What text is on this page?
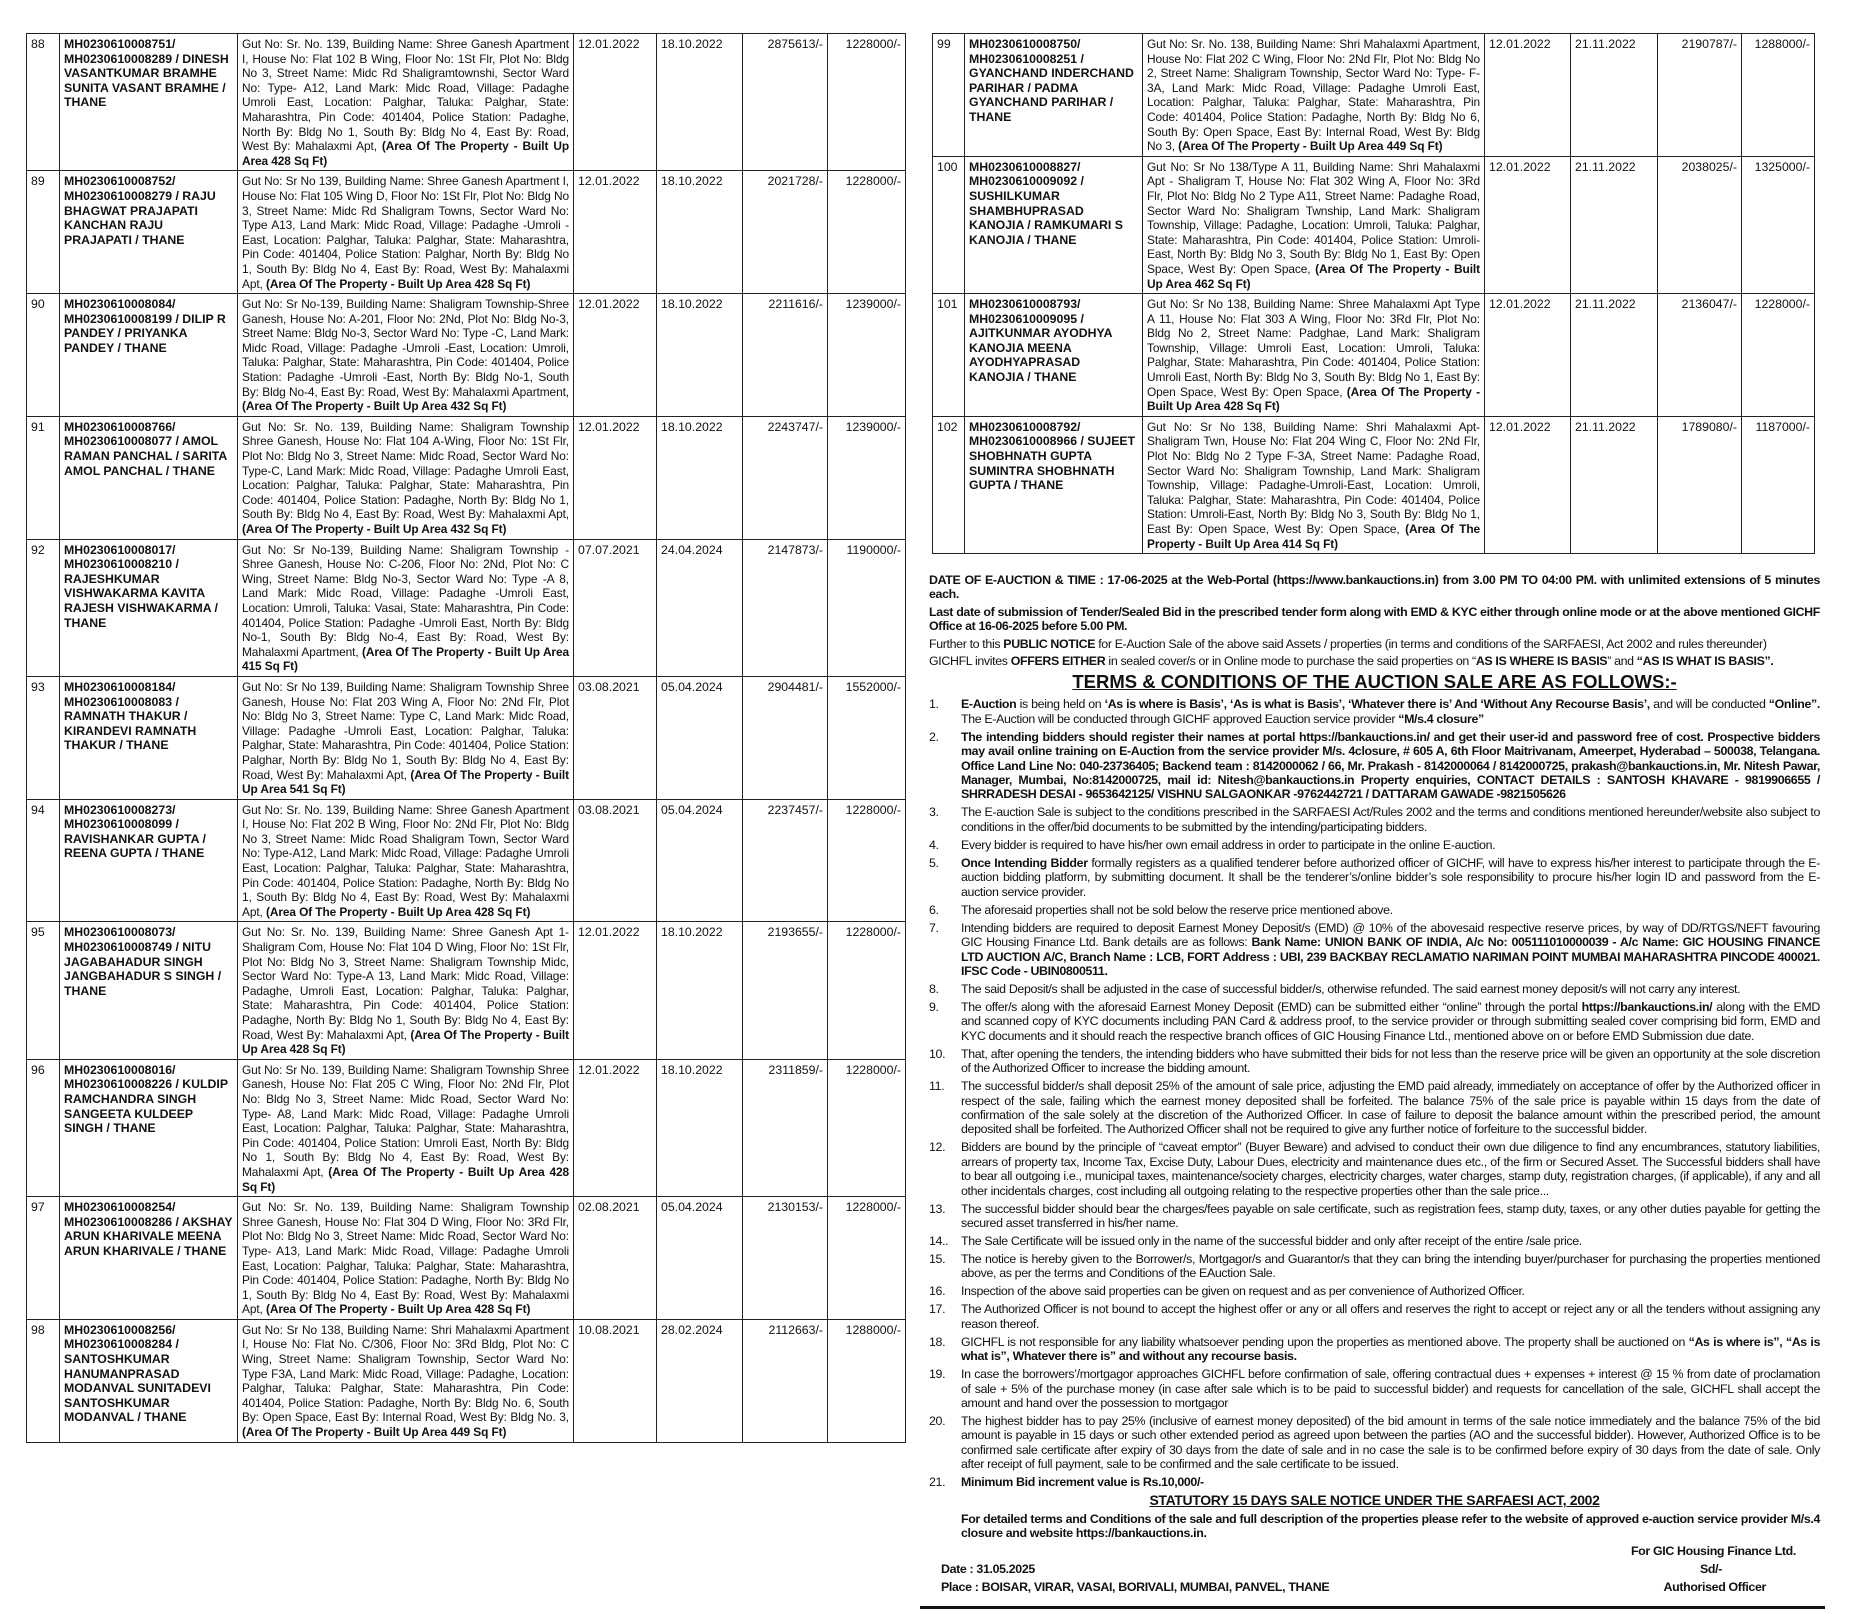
88	MH0230610008751/ MH0230610008289 / DINESH VASANTKUMAR BRAMHE SUNITA VASANT BRAMHE / THANE	Gut No: Sr. No. 139, Building Name: Shree Ganesh Apartment I, House No: Flat 102 B Wing, Floor No: 1St Flr, Plot No: Bldg No 3, Street Name: Midc Rd Shaligramtownshi, Sector Ward No: Type- A12, Land Mark: Midc Road, Village: Padaghe Umroli East, Location: Palghar, Taluka: Palghar, State: Maharashtra, Pin Code: 401404, Police Station: Padaghe, North By: Bldg No 1, South By: Bldg No 4, East By: Road, West By: Mahalaxmi Apt, (Area Of The Property - Built Up Area 428 Sq Ft)	12.01.2022	18.10.2022	2875613/-	1228000/-
89	MH0230610008752/ MH0230610008279 / RAJU BHAGWAT PRAJAPATI KANCHAN RAJU PRAJAPATI / THANE	Gut No: Sr No 139, Building Name: Shree Ganesh Apartment I, House No: Flat 105 Wing D, Floor No: 1St Flr, Plot No: Bldg No 3, Street Name: Midc Rd Shaligram Towns, Sector Ward No: Type A13, Land Mark: Midc Road, Village: Padaghe -Umroli -East, Location: Palghar, Taluka: Palghar, State: Maharashtra, Pin Code: 401404, Police Station: Palghar, North By: Bldg No 1, South By: Bldg No 4, East By: Road, West By: Mahalaxmi Apt, (Area Of The Property - Built Up Area 428 Sq Ft)	12.01.2022	18.10.2022	2021728/-	1228000/-
90	MH0230610008084/ MH0230610008199 / DILIP R PANDEY / PRIYANKA PANDEY / THANE	Gut No: Sr No-139, Building Name: Shaligram Township-Shree Ganesh, House No: A-201, Floor No: 2Nd, Plot No: Bldg No-3, Street Name: Bldg No-3, Sector Ward No: Type -C, Land Mark: Midc Road, Village: Padaghe -Umroli -East, Location: Umroli, Taluka: Palghar, State: Maharashtra, Pin Code: 401404, Police Station: Padaghe -Umroli -East, North By: Bldg No-1, South By: Bldg No-4, East By: Road, West By: Mahalaxmi Apartment, (Area Of The Property - Built Up Area 432 Sq Ft)	12.01.2022	18.10.2022	2211616/-	1239000/-
91	MH0230610008766/ MH0230610008077 / AMOL RAMAN PANCHAL / SARITA AMOL PANCHAL / THANE	Gut No: Sr. No. 139, Building Name: Shaligram Township Shree Ganesh, House No: Flat 104 A-Wing, Floor No: 1St Flr, Plot No: Bldg No 3, Street Name: Midc Road, Sector Ward No: Type-C, Land Mark: Midc Road, Village: Padaghe Umroli East, Location: Palghar, Taluka: Palghar, State: Maharashtra, Pin Code: 401404, Police Station: Padaghe, North By: Bldg No 1, South By: Bldg No 4, East By: Road, West By: Mahalaxmi Apt, (Area Of The Property - Built Up Area 432 Sq Ft)	12.01.2022	18.10.2022	2243747/-	1239000/-
92	MH0230610008017/ MH0230610008210 / RAJESHKUMAR VISHWAKARMA KAVITA RAJESH VISHWAKARMA / THANE	Gut No: Sr No-139, Building Name: Shaligram Township -Shree Ganesh, House No: C-206, Floor No: 2Nd, Plot No: C Wing, Street Name: Bldg No-3, Sector Ward No: Type -A 8, Land Mark: Midc Road, Village: Padaghe -Umroli East, Location: Umroli, Taluka: Vasai, State: Maharashtra, Pin Code: 401404, Police Station: Padaghe -Umroli East, North By: Bldg No-1, South By: Bldg No-4, East By: Road, West By: Mahalaxmi Apartment, (Area Of The Property - Built Up Area 415 Sq Ft)	07.07.2021	24.04.2024	2147873/-	1190000/-
93	MH0230610008184/ MH0230610008083 / RAMNATH THAKUR / KIRANDEVI RAMNATH THAKUR / THANE	Gut No: Sr No 139, Building Name: Shaligram Township Shree Ganesh, House No: Flat 203 Wing A, Floor No: 2Nd Flr, Plot No: Bldg No 3, Street Name: Type C, Land Mark: Midc Road, Village: Padaghe -Umroli East, Location: Palghar, Taluka: Palghar, State: Maharashtra, Pin Code: 401404, Police Station: Palghar, North By: Bldg No 1, South By: Bldg No 4, East By: Road, West By: Mahalaxmi Apt, (Area Of The Property - Built Up Area 541 Sq Ft)	03.08.2021	05.04.2024	2904481/-	1552000/-
94	MH0230610008273/ MH0230610008099 / RAVISHANKAR GUPTA / REENA GUPTA / THANE	Gut No: Sr. No. 139, Building Name: Shree Ganesh Apartment I, House No: Flat 202 B Wing, Floor No: 2Nd Flr, Plot No: Bldg No 3, Street Name: Midc Road Shaligram Town, Sector Ward No: Type-A12, Land Mark: Midc Road, Village: Padaghe Umroli East, Location: Palghar, Taluka: Palghar, State: Maharashtra, Pin Code: 401404, Police Station: Padaghe, North By: Bldg No 1, South By: Bldg No 4, East By: Road, West By: Mahalaxmi Apt, (Area Of The Property - Built Up Area 428 Sq Ft)	03.08.2021	05.04.2024	2237457/-	1228000/-
95	MH0230610008073/ MH0230610008749 / NITU JAGABAHADUR SINGH JANGBAHADUR S SINGH / THANE	Gut No: Sr. No. 139, Building Name: Shree Ganesh Apt 1-Shaligram Com, House No: Flat 104 D Wing, Floor No: 1St Flr, Plot No: Bldg No 3, Street Name: Shaligram Township Midc, Sector Ward No: Type-A 13, Land Mark: Midc Road, Village: Padaghe, Umroli East, Location: Palghar, Taluka: Palghar, State: Maharashtra, Pin Code: 401404, Police Station: Padaghe, North By: Bldg No 1, South By: Bldg No 4, East By: Road, West By: Mahalaxmi Apt, (Area Of The Property - Built Up Area 428 Sq Ft)	12.01.2022	18.10.2022	2193655/-	1228000/-
96	MH0230610008016/ MH0230610008226 / KULDIP RAMCHANDRA SINGH SANGEETA KULDEEP SINGH / THANE	Gut No: Sr No. 139, Building Name: Shaligram Township Shree Ganesh, House No: Flat 205 C Wing, Floor No: 2Nd Flr, Plot No: Bldg No 3, Street Name: Midc Road, Sector Ward No: Type- A8, Land Mark: Midc Road, Village: Padaghe Umroli East, Location: Palghar, Taluka: Palghar, State: Maharashtra, Pin Code: 401404, Police Station: Umroli East, North By: Bldg No 1, South By: Bldg No 4, East By: Road, West By: Mahalaxmi Apt, (Area Of The Property - Built Up Area 428 Sq Ft)	12.01.2022	18.10.2022	2311859/-	1228000/-
97	MH0230610008254/ MH0230610008286 / AKSHAY ARUN KHARIVALE MEENA ARUN KHARIVALE / THANE	Gut No: Sr. No. 139, Building Name: Shaligram Township Shree Ganesh, House No: Flat 304 D Wing, Floor No: 3Rd Flr, Plot No: Bldg No 3, Street Name: Midc Road, Sector Ward No: Type- A13, Land Mark: Midc Road, Village: Padaghe Umroli East, Location: Palghar, Taluka: Palghar, State: Maharashtra, Pin Code: 401404, Police Station: Padaghe, North By: Bldg No 1, South By: Bldg No 4, East By: Road, West By: Mahalaxmi Apt, (Area Of The Property - Built Up Area 428 Sq Ft)	02.08.2021	05.04.2024	2130153/-	1228000/-
98	MH0230610008256/ MH0230610008284 / SANTOSHKUMAR HANUMANPRASAD MODANVAL SUNITADEVI SANTOSHKUMAR MODANVAL / THANE	Gut No: Sr No 138, Building Name: Shri Mahalaxmi Apartment I, House No: Flat No. C/306, Floor No: 3Rd Bldg, Plot No: C Wing, Street Name: Shaligram Township, Sector Ward No: Type F3A, Land Mark: Midc Road, Village: Padaghe, Location: Palghar, Taluka: Palghar, State: Maharashtra, Pin Code: 401404, Police Station: Padaghe, North By: Bldg No. 6, South By: Open Space, East By: Internal Road, West By: Bldg No. 3, (Area Of The Property - Built Up Area 449 Sq Ft)	10.08.2021	28.02.2024	2112663/-	1288000/-
99	MH0230610008750/ MH0230610008251 / GYANCHAND INDERCHAND PARIHAR / PADMA GYANCHAND PARIHAR / THANE	Gut No: Sr. No. 138, Building Name: Shri Mahalaxmi Apartment, House No: Flat 202 C Wing, Floor No: 2Nd Flr, Plot No: Bldg No 2, Street Name: Shaligram Township, Sector Ward No: Type- F-3A, Land Mark: Midc Road, Village: Padaghe Umroli East, Location: Palghar, Taluka: Palghar, State: Maharashtra, Pin Code: 401404, Police Station: Padaghe, North By: Bldg No 6, South By: Open Space, East By: Internal Road, West By: Bldg No 3, (Area Of The Property - Built Up Area 449 Sq Ft)	12.01.2022	21.11.2022	2190787/-	1288000/-
100	MH0230610008827/ MH0230610009092 / SUSHILKUMAR SHAMBHUPRASAD KANOJIA / RAMKUMARI S KANOJIA / THANE	Gut No: Sr No 138/Type A 11, Building Name: Shri Mahalaxmi Apt - Shaligram T, House No: Flat 302 Wing A, Floor No: 3Rd Flr, Plot No: Bldg No 2 Type A11, Street Name: Padaghe Road, Sector Ward No: Shaligram Twnship, Land Mark: Shaligram Township, Village: Padaghe, Location: Umroli, Taluka: Palghar, State: Maharashtra, Pin Code: 401404, Police Station: Umroli-East, North By: Bldg No 3, South By: Bldg No 1, East By: Open Space, West By: Open Space, (Area Of The Property - Built Up Area 462 Sq Ft)	12.01.2022	21.11.2022	2038025/-	1325000/-
101	MH0230610008793/ MH0230610009095 / AJITKUNMAR AYODHYA KANOJIA MEENA AYODHYAPRASAD KANOJIA / THANE	Gut No: Sr No 138, Building Name: Shree Mahalaxmi Apt Type A 11, House No: Flat 303 A Wing, Floor No: 3Rd Flr, Plot No: Bldg No 2, Street Name: Padghae, Land Mark: Shaligram Township, Village: Umroli East, Location: Umroli, Taluka: Palghar, State: Maharashtra, Pin Code: 401404, Police Station: Umroli East, North By: Bldg No 3, South By: Bldg No 1, East By: Open Space, West By: Open Space, (Area Of The Property - Built Up Area 428 Sq Ft)	12.01.2022	21.11.2022	2136047/-	1228000/-
102	MH0230610008792/ MH0230610008966 / SUJEET SHOBHNATH GUPTA SUMINTRA SHOBHNATH GUPTA / THANE	Gut No: Sr No 138, Building Name: Shri Mahalaxmi Apt-Shaligram Twn, House No: Flat 204 Wing C, Floor No: 2Nd Flr, Plot No: Bldg No 2 Type F-3A, Street Name: Padaghe Road, Sector Ward No: Shaligram Township, Land Mark: Shaligram Township, Village: Padaghe-Umroli-East, Location: Umroli, Taluka: Palghar, State: Maharashtra, Pin Code: 401404, Police Station: Umroli-East, North By: Bldg No 3, South By: Bldg No 1, East By: Open Space, West By: Open Space, (Area Of The Property - Built Up Area 414 Sq Ft)	12.01.2022	21.11.2022	1789080/-	1187000/-

DATE OF E-AUCTION & TIME : 17-06-2025 at the Web-Portal (https://www.bankauctions.in) from 3.00 PM TO 04:00 PM. with unlimited extensions of 5 minutes each.

Last date of submission of Tender/Sealed Bid in the prescribed tender form along with EMD & KYC either through online mode or at the above mentioned GICHF Office at 16-06-2025 before 5.00 PM.

Further to this PUBLIC NOTICE for E-Auction Sale of the above said Assets / properties (in terms and conditions of the SARFAESI, Act 2002 and rules thereunder)

GICHFL invites OFFERS EITHER in sealed cover/s or in Online mode to purchase the said properties on “AS IS WHERE IS BASIS” and “AS IS WHAT IS BASIS”.

TERMS & CONDITIONS OF THE AUCTION SALE ARE AS FOLLOWS:-
1.	E-Auction is being held on ‘As is where is Basis’, ‘As is what is Basis’, ‘Whatever there is’ And ‘Without Any Recourse Basis’, and will be conducted “Online”. The E-Auction will be conducted through GICHF approved Eauction service provider “M/s.4 closure”
2.	The intending bidders should register their names at portal https://bankauctions.in/ and get their user-id and password free of cost. Prospective bidders may avail online training on E-Auction from the service provider M/s. 4closure, # 605 A, 6th Floor Maitrivanam, Ameerpet, Hyderabad – 500038, Telangana. Office Land Line No: 040-23736405; Backend team : 8142000062 / 66, Mr. Prakash - 8142000064 / 8142000725, prakash@bankauctions.in, Mr. Nitesh Pawar, Manager, Mumbai, No:8142000725, mail id: Nitesh@bankauctions.in Property enquiries, CONTACT DETAILS : SANTOSH KHAVARE - 9819906655 / SHRRADESH DESAI - 9653642125/ VISHNU SALGAONKAR -9762442721 / DATTARAM GAWADE -9821505626
3.	The E-auction Sale is subject to the conditions prescribed in the SARFAESI Act/Rules 2002 and the terms and conditions mentioned hereunder/website also subject to conditions in the offer/bid documents to be submitted by the intending/participating bidders.
4.	Every bidder is required to have his/her own email address in order to participate in the online E-auction.
5.	Once Intending Bidder formally registers as a qualified tenderer before authorized officer of GICHF, will have to express his/her interest to participate through the E-auction bidding platform, by submitting document. It shall be the tenderer’s/online bidder’s sole responsibility to procure his/her login ID and password from the E-auction service provider.
6.	The aforesaid properties shall not be sold below the reserve price mentioned above.
7.	Intending bidders are required to deposit Earnest Money Deposit/s (EMD) @ 10% of the abovesaid respective reserve prices, by way of DD/RTGS/NEFT favouring GIC Housing Finance Ltd. Bank details are as follows: Bank Name: UNION BANK OF INDIA, A/c No: 005111010000039 - A/c Name: GIC HOUSING FINANCE LTD AUCTION A/C, Branch Name : LCB, FORT Address : UBI, 239 BACKBAY RECLAMATIO NARIMAN POINT MUMBAI MAHARASHTRA PINCODE 400021. IFSC Code - UBIN0800511.
8.	The said Deposit/s shall be adjusted in the case of successful bidder/s, otherwise refunded. The said earnest money deposit/s will not carry any interest.
9.	The offer/s along with the aforesaid Earnest Money Deposit (EMD) can be submitted either “online” through the portal https://bankauctions.in/ along with the EMD and scanned copy of KYC documents including PAN Card & address proof, to the service provider or through submitting sealed cover comprising bid form, EMD and KYC documents and it should reach the respective branch offices of GIC Housing Finance Ltd., mentioned above on or before EMD Submission due date.
10.	That, after opening the tenders, the intending bidders who have submitted their bids for not less than the reserve price will be given an opportunity at the sole discretion of the Authorized Officer to increase the bidding amount.
11.	The successful bidder/s shall deposit 25% of the amount of sale price, adjusting the EMD paid already, immediately on acceptance of offer by the Authorized officer in respect of the sale, failing which the earnest money deposited shall be forfeited. The balance 75% of the sale price is payable within 15 days from the date of confirmation of the sale solely at the discretion of the Authorized Officer. In case of failure to deposit the balance amount within the prescribed period, the amount deposited shall be forfeited. The Authorized Officer shall not be required to give any further notice of forfeiture to the successful bidder.
12.	Bidders are bound by the principle of “caveat emptor” (Buyer Beware) and advised to conduct their own due diligence to find any encumbrances, statutory liabilities, arrears of property tax, Income Tax, Excise Duty, Labour Dues, electricity and maintenance dues etc., of the firm or Secured Asset. The Successful bidders shall have to bear all outgoing i.e., municipal taxes, maintenance/society charges, electricity charges, water charges, stamp duty, registration charges, (if applicable), if any and all other incidentals charges, cost including all outgoing relating to the respective properties other than the sale price...
13.	The successful bidder should bear the charges/fees payable on sale certificate, such as registration fees, stamp duty, taxes, or any other duties payable for getting the secured asset transferred in his/her name.
14..	The Sale Certificate will be issued only in the name of the successful bidder and only after receipt of the entire /sale price.
15.	The notice is hereby given to the Borrower/s, Mortgagor/s and Guarantor/s that they can bring the intending buyer/purchaser for purchasing the properties mentioned above, as per the terms and Conditions of the EAuction Sale.
16.	Inspection of the above said properties can be given on request and as per convenience of Authorized Officer.
17.	The Authorized Officer is not bound to accept the highest offer or any or all offers and reserves the right to accept or reject any or all the tenders without assigning any reason thereof.
18.	GICHFL is not responsible for any liability whatsoever pending upon the properties as mentioned above. The property shall be auctioned on “As is where is”, “As is what is”, Whatever there is” and without any recourse basis.
19.	In case the borrowers’/mortgagor approaches GICHFL before confirmation of sale, offering contractual dues + expenses + interest @ 15 % from date of proclamation of sale + 5% of the purchase money (in case after sale which is to be paid to successful bidder) and requests for cancellation of the sale, GICHFL shall accept the amount and hand over the possession to mortgagor
20.	The highest bidder has to pay 25% (inclusive of earnest money deposited) of the bid amount in terms of the sale notice immediately and the balance 75% of the bid amount is payable in 15 days or such other extended period as agreed upon between the parties (AO and the successful bidder). However, Authorized Office is to be confirmed sale certificate after expiry of 30 days from the date of sale and in no case the sale is to be confirmed before expiry of 30 days from the date of sale. Only after receipt of full payment, sale to be confirmed and the sale certificate to be issued.
21.	Minimum Bid increment value is Rs.10,000/-
STATUTORY 15 DAYS SALE NOTICE UNDER THE SARFAESI ACT, 2002
For detailed terms and Conditions of the sale and full description of the properties please refer to the website of approved e-auction service provider M/s.4 closure and website https://bankauctions.in.
For GIC Housing Finance Ltd.
Sd/-
Authorised Officer
Date : 31.05.2025
Place : BOISAR, VIRAR, VASAI, BORIVALI, MUMBAI, PANVEL, THANE
